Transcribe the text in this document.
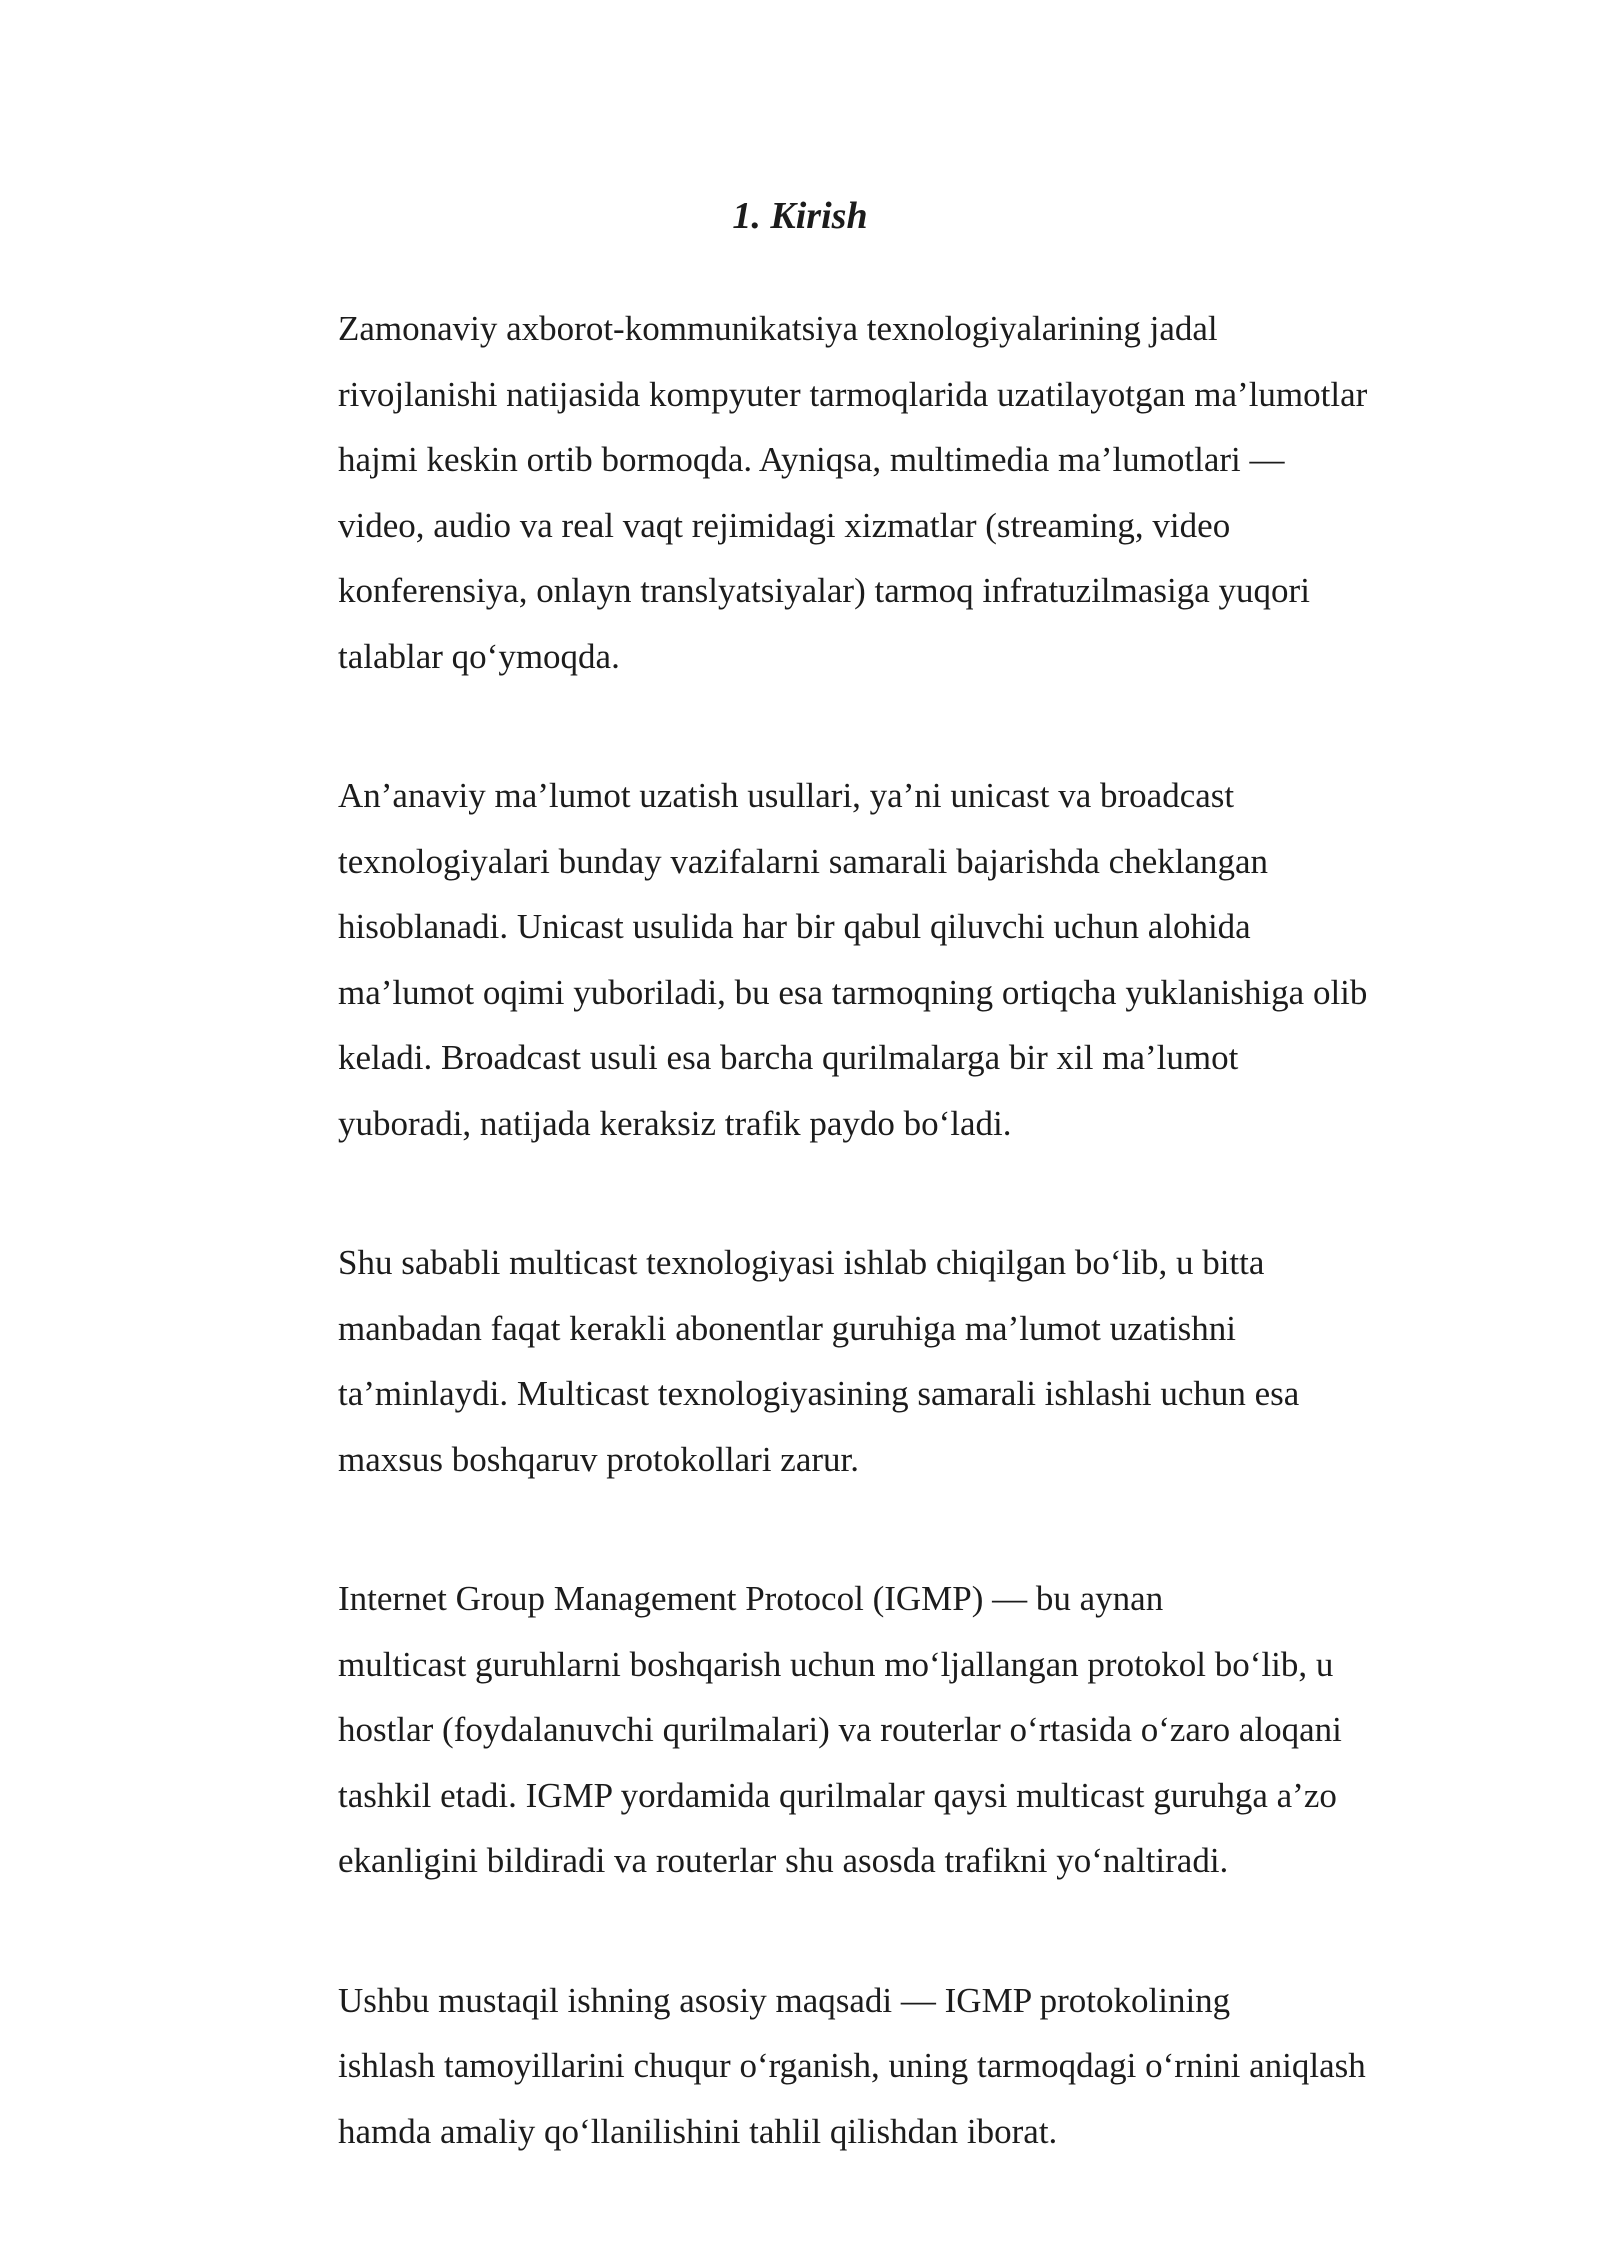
1. Kirish

Zamonaviy axborot-kommunikatsiya texnologiyalarining jadal
rivojlanishi natijasida kompyuter tarmoqlarida uzatilayotgan ma’lumotlar
hajmi keskin ortib bormoqda. Ayniqsa, multimedia ma’lumotlari —
video, audio va real vaqt rejimidagi xizmatlar (streaming, video
konferensiya, onlayn translyatsiyalar) tarmoq infratuzilmasiga yuqori
talablar qo‘ymoqda.

An’anaviy ma’lumot uzatish usullari, ya’ni unicast va broadcast
texnologiyalari bunday vazifalarni samarali bajarishda cheklangan
hisoblanadi. Unicast usulida har bir qabul qiluvchi uchun alohida
ma’lumot oqimi yuboriladi, bu esa tarmoqning ortiqcha yuklanishiga olib
keladi. Broadcast usuli esa barcha qurilmalarga bir xil ma’lumot
yuboradi, natijada keraksiz trafik paydo bo‘ladi.

Shu sababli multicast texnologiyasi ishlab chiqilgan bo‘lib, u bitta
manbadan faqat kerakli abonentlar guruhiga ma’lumot uzatishni
ta’minlaydi. Multicast texnologiyasining samarali ishlashi uchun esa
maxsus boshqaruv protokollari zarur.

Internet Group Management Protocol (IGMP) — bu aynan
multicast guruhlarni boshqarish uchun mo‘ljallangan protokol bo‘lib, u
hostlar (foydalanuvchi qurilmalari) va routerlar o‘rtasida o‘zaro aloqani
tashkil etadi. IGMP yordamida qurilmalar qaysi multicast guruhga a’zo
ekanligini bildiradi va routerlar shu asosda trafikni yo‘naltiradi.

Ushbu mustaqil ishning asosiy maqsadi — IGMP protokolining
ishlash tamoyillarini chuqur o‘rganish, uning tarmoqdagi o‘rnini aniqlash
hamda amaliy qo‘llanilishini tahlil qilishdan iborat.
